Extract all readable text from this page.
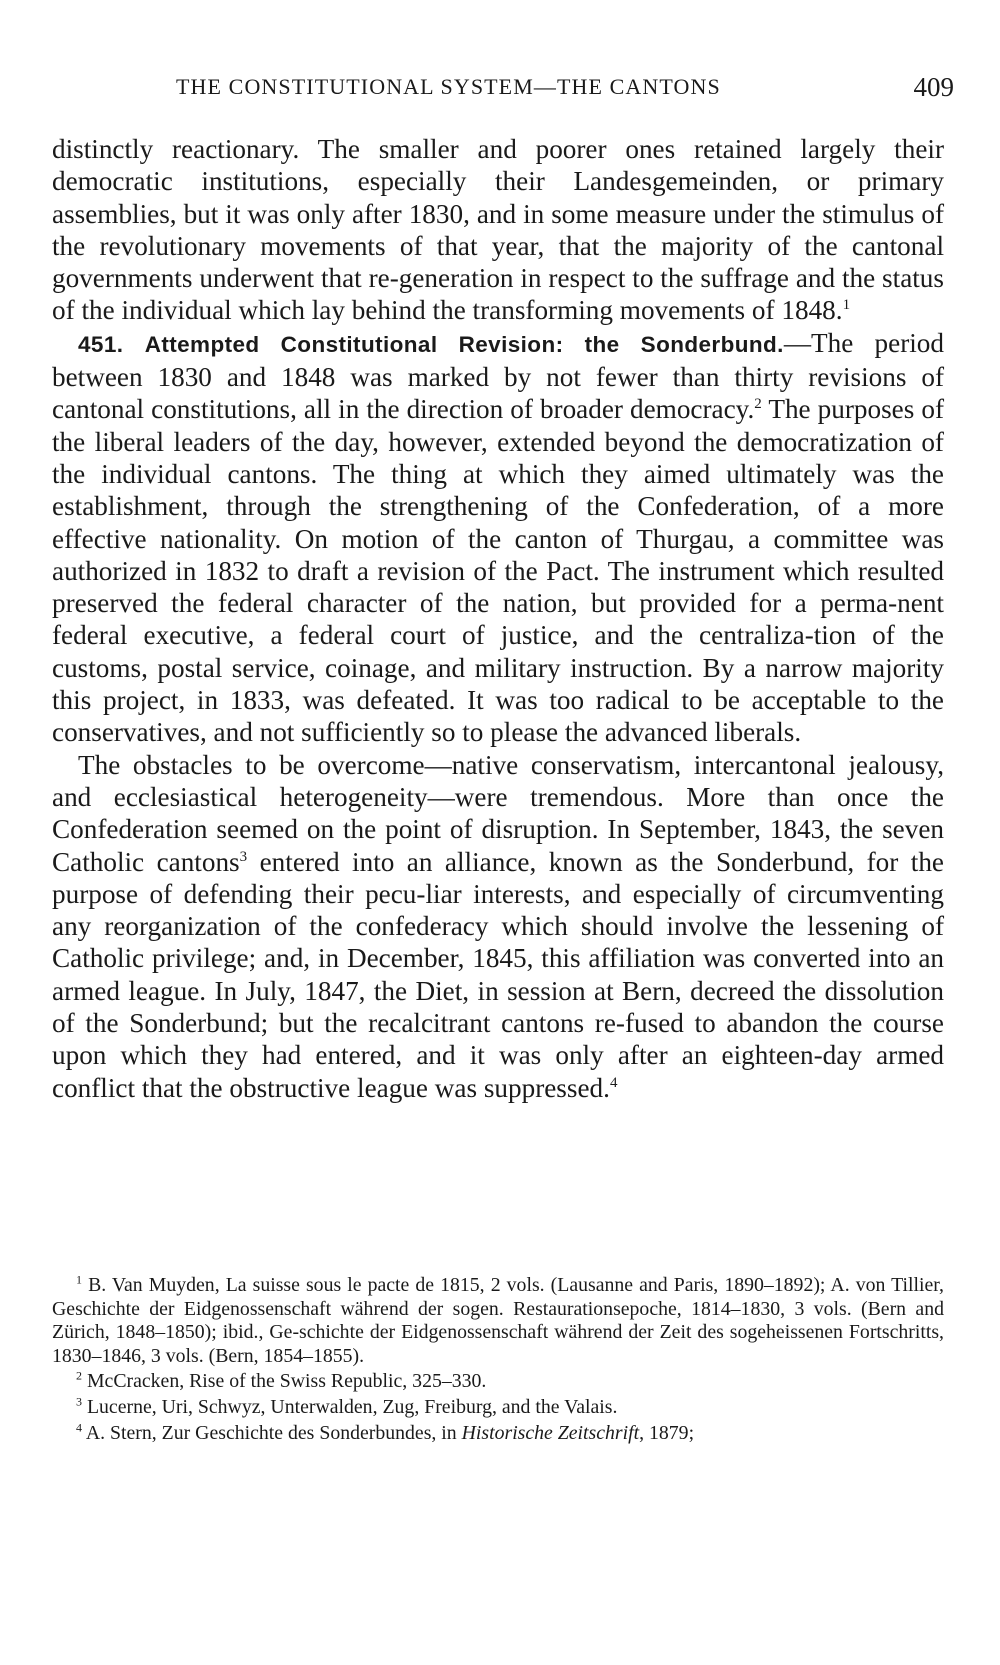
THE CONSTITUTIONAL SYSTEM—THE CANTONS	409

distinctly reactionary. The smaller and poorer ones retained largely their democratic institutions, especially their Landesgemeinden, or primary assemblies, but it was only after 1830, and in some measure under the stimulus of the revolutionary movements of that year, that the majority of the cantonal governments underwent that re-generation in respect to the suffrage and the status of the individual which lay behind the transforming movements of 1848.$^1$

451. Attempted Constitutional Revision: the Sonderbund.—The period between 1830 and 1848 was marked by not fewer than thirty revisions of cantonal constitutions, all in the direction of broader democracy.$^2$ The purposes of the liberal leaders of the day, however, extended beyond the democratization of the individual cantons. The thing at which they aimed ultimately was the establishment, through the strengthening of the Confederation, of a more effective nationality. On motion of the canton of Thurgau, a committee was authorized in 1832 to draft a revision of the Pact. The instrument which resulted preserved the federal character of the nation, but provided for a perma-nent federal executive, a federal court of justice, and the centraliza-tion of the customs, postal service, coinage, and military instruction. By a narrow majority this project, in 1833, was defeated. It was too radical to be acceptable to the conservatives, and not sufficiently so to please the advanced liberals.

The obstacles to be overcome—native conservatism, intercantonal jealousy, and ecclesiastical heterogeneity—were tremendous. More than once the Confederation seemed on the point of disruption. In September, 1843, the seven Catholic cantons$^3$ entered into an alliance, known as the Sonderbund, for the purpose of defending their pecu-liar interests, and especially of circumventing any reorganization of the confederacy which should involve the lessening of Catholic privilege; and, in December, 1845, this affiliation was converted into an armed league. In July, 1847, the Diet, in session at Bern, decreed the dissolution of the Sonderbund; but the recalcitrant cantons re-fused to abandon the course upon which they had entered, and it was only after an eighteen-day armed conflict that the obstructive league was suppressed.$^4$

$^1$ B. Van Muyden, La suisse sous le pacte de 1815, 2 vols. (Lausanne and Paris, 1890–1892); A. von Tillier, Geschichte der Eidgenossenschaft während der sogen. Restaurationsepoche, 1814–1830, 3 vols. (Bern and Zürich, 1848–1850); ibid., Ge-schichte der Eidgenossenschaft während der Zeit des sogeheissenen Fortschritts, 1830–1846, 3 vols. (Bern, 1854–1855).

$^2$ McCracken, Rise of the Swiss Republic, 325–330.

$^3$ Lucerne, Uri, Schwyz, Unterwalden, Zug, Freiburg, and the Valais.

$^4$ A. Stern, Zur Geschichte des Sonderbundes, in Historische Zeitschrift, 1879;
